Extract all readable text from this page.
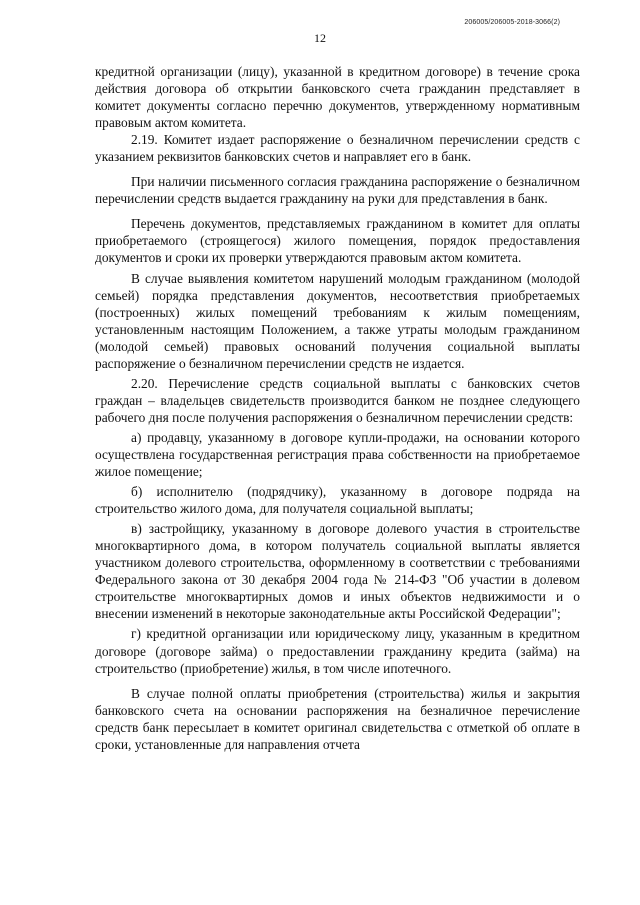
206005/206005-2018-3066(2)
12

кредитной организации (лицу), указанной в кредитном договоре) в течение срока действия договора об открытии банковского счета гражданин представляет в комитет документы согласно перечню документов, утвержденному нормативным правовым актом комитета.

2.19. Комитет издает распоряжение о безналичном перечислении средств с указанием реквизитов банковских счетов и направляет его в банк.

При наличии письменного согласия гражданина распоряжение о безналичном перечислении средств выдается гражданину на руки для представления в банк.

Перечень документов, представляемых гражданином в комитет для оплаты приобретаемого (строящегося) жилого помещения, порядок предоставления документов и сроки их проверки утверждаются правовым актом комитета.

В случае выявления комитетом нарушений молодым гражданином (молодой семьей) порядка представления документов, несоответствия приобретаемых (построенных) жилых помещений требованиям к жилым помещениям, установленным настоящим Положением, а также утраты молодым гражданином (молодой семьей) правовых оснований получения социальной выплаты распоряжение о безналичном перечислении средств не издается.

2.20. Перечисление средств социальной выплаты с банковских счетов граждан – владельцев свидетельств производится банком не позднее следующего рабочего дня после получения распоряжения о безналичном перечислении средств:

а) продавцу, указанному в договоре купли-продажи, на основании которого осуществлена государственная регистрация права собственности на приобретаемое жилое помещение;

б) исполнителю (подрядчику), указанному в договоре подряда на строительство жилого дома, для получателя социальной выплаты;

в) застройщику, указанному в договоре долевого участия в строительстве многоквартирного дома, в котором получатель социальной выплаты является участником долевого строительства, оформленному в соответствии с требованиями Федерального закона от 30 декабря 2004 года № 214-ФЗ "Об участии в долевом строительстве многоквартирных домов и иных объектов недвижимости и о внесении изменений в некоторые законодательные акты Российской Федерации";

г) кредитной организации или юридическому лицу, указанным в кредитном договоре (договоре займа) о предоставлении гражданину кредита (займа) на строительство (приобретение) жилья, в том числе ипотечного.

В случае полной оплаты приобретения (строительства) жилья и закрытия банковского счета на основании распоряжения на безналичное перечисление средств банк пересылает в комитет оригинал свидетельства с отметкой об оплате в сроки, установленные для направления отчета
